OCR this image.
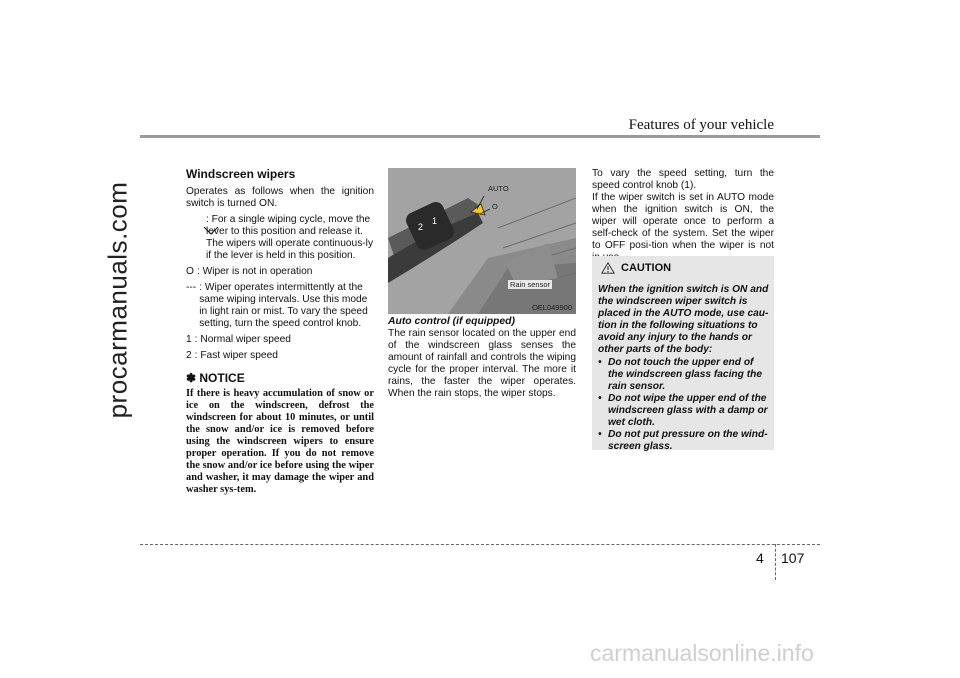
procarmanuals.com
Features of your vehicle
Windscreen wipers

Operates as follows when the ignition switch is turned ON.

: For a single wiping cycle, move the lever to this position and release it. The wipers will operate continuous-ly if the lever is held in this position.
O : Wiper is not in operation
--- : Wiper operates intermittently at the same wiping intervals. Use this mode in light rain or mist. To vary the speed setting, turn the speed control knob.
1 : Normal wiper speed
2 : Fast wiper speed
✽ NOTICE

If there is heavy accumulation of snow or ice on the windscreen, defrost the windscreen for about 10 minutes, or until the snow and/or ice is removed before using the windscreen wipers to ensure proper operation. If you do not remove the snow and/or ice before using the wiper and washer, it may damage the wiper and washer sys-tem.

2
1
AUTO
O
Rain sensor
OEL049900

Auto control (if equipped)

The rain sensor located on the upper end of the windscreen glass senses the amount of rainfall and controls the wiping cycle for the proper interval. The more it rains, the faster the wiper operates. When the rain stops, the wiper stops.

To vary the speed setting, turn the speed control knob (1).

If the wiper switch is set in AUTO mode when the ignition switch is ON, the wiper will operate once to perform a self-check of the system. Set the wiper to OFF posi-tion when the wiper is not

CAUTION

When the ignition switch is ON and the windscreen wiper switch is placed in the AUTO mode, use cau-tion in the following situations to avoid any injury to the hands or other parts of the body:

• Do not touch the upper end of the windscreen glass facing the rain sensor.
• Do not wipe the upper end of the windscreen glass with a damp or wet cloth.
• Do not put pressure on the wind-screen glass.
4 107
carmanualsonline.info
